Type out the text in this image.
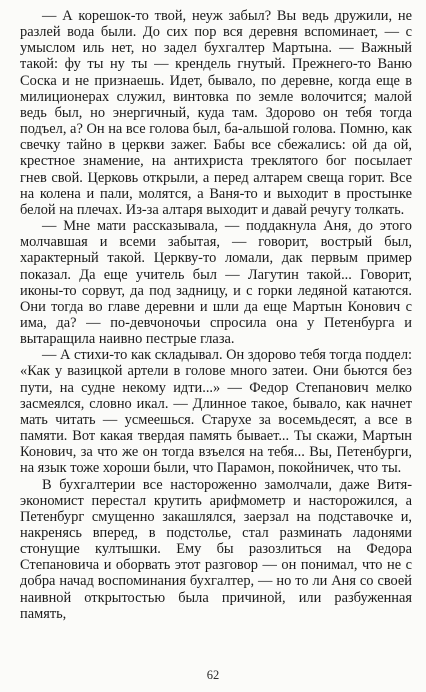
— А корешок-то твой, неуж забыл? Вы ведь дружили, не разлей вода были. До сих пор вся деревня вспоминает, — с умыслом иль нет, но задел бухгалтер Мартына. — Важный такой: фу ты ну ты — крендель гнутый. Прежнего-то Ваню Соска и не признаешь. Идет, бывало, по деревне, когда еще в милиционерах служил, винтовка по земле волочится; малой ведь был, но энергичный, куда там. Здорово он тебя тогда подъел, а? Он на все голова был, ба-альшой голова. Помню, как свечку тайно в церкви зажег. Бабы все сбежались: ой да ой, крестное знамение, на антихриста треклятого бог посылает гнев свой. Церковь открыли, а перед алтарем свеща горит. Все на колена и пали, молятся, а Ваня-то и выходит в простынке белой на плечах. Из-за алтаря выходит и давай речугу толкать.

— Мне мати рассказывала, — поддакнула Аня, до этого молчавшая и всеми забытая, — говорит, вострый был, характерный такой. Церкву-то ломали, дак первым пример показал. Да еще учитель был — Лагутин такой... Говорит, иконы-то сорвут, да под задницу, и с горки ледяной катаются. Они тогда во главе деревни и шли да еще Мартын Конович с има, да? — по-девчоночьи спросила она у Петенбурга и вытаращила наивно пестрые глаза.

— А стихи-то как складывал. Он здорово тебя тогда поддел: «Как у вазицкой артели в голове много затеи. Они бьются без пути, на судне некому идти...» — Федор Степанович мелко засмеялся, словно икал. — Длинное такое, бывало, как начнет мать читать — усмеешься. Старухе за восемьдесят, а все в памяти. Вот какая твердая память бывает... Ты скажи, Мартын Конович, за что же он тогда взъелся на тебя... Вы, Петенбурги, на язык тоже хороши были, что Парамон, покойничек, что ты.

В бухгалтерии все настороженно замолчали, даже Витя-экономист перестал крутить арифмометр и насторожился, а Петенбург смущенно закашлялся, заерзал на подставочке и, накренясь вперед, в подстолье, стал разминать ладонями стонущие култышки. Ему бы разозлиться на Федора Степановича и оборвать этот разговор — он понимал, что не с добра начад воспоминания бухгалтер, — но то ли Аня со своей наивной открытостью была причиной, или разбуженная память,

62
